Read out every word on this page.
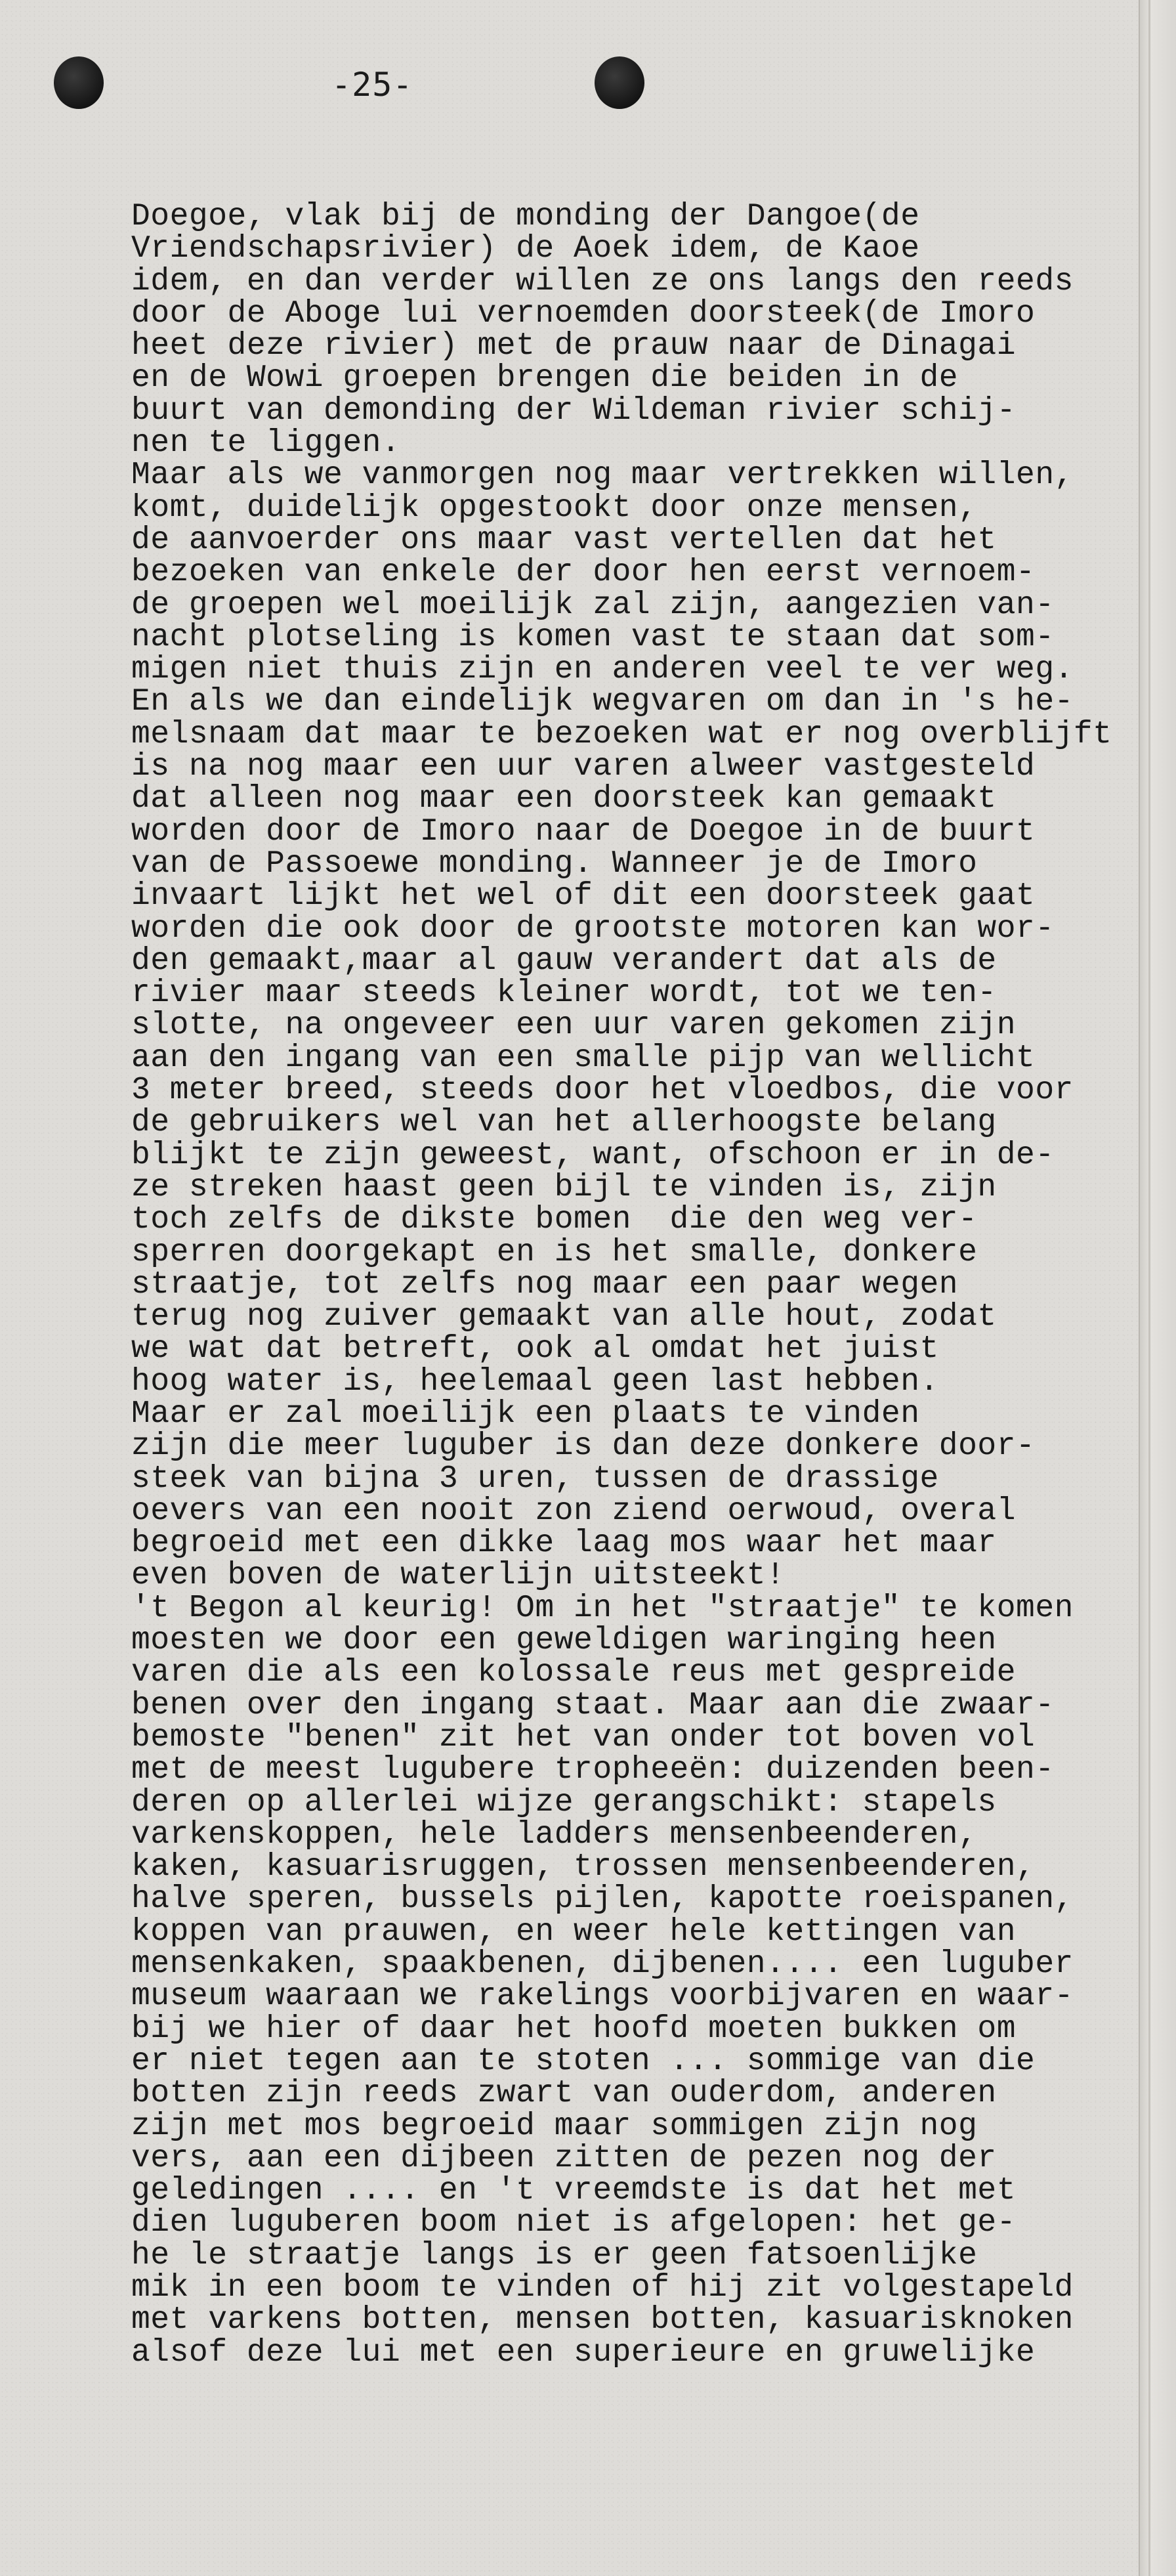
-25-
Doegoe, vlak bij de monding der Dangoe(de
Vriendschapsrivier) de Aoek idem, de Kaoe
idem, en dan verder willen ze ons langs den reeds
door de Aboge lui vernoemden doorsteek(de Imoro
heet deze rivier) met de prauw naar de Dinagai
en de Wowi groepen brengen die beiden in de
buurt van demonding der Wildeman rivier schij-
nen te liggen.
Maar als we vanmorgen nog maar vertrekken willen,
komt, duidelijk opgestookt door onze mensen,
de aanvoerder ons maar vast vertellen dat het
bezoeken van enkele der door hen eerst vernoem-
de groepen wel moeilijk zal zijn, aangezien van-
nacht plotseling is komen vast te staan dat som-
migen niet thuis zijn en anderen veel te ver weg.
En als we dan eindelijk wegvaren om dan in 's he-
melsnaam dat maar te bezoeken wat er nog overblijft
is na nog maar een uur varen alweer vastgesteld
dat alleen nog maar een doorsteek kan gemaakt
worden door de Imoro naar de Doegoe in de buurt
van de Passoewe monding. Wanneer je de Imoro
invaart lijkt het wel of dit een doorsteek gaat
worden die ook door de grootste motoren kan wor-
den gemaakt,maar al gauw verandert dat als de
rivier maar steeds kleiner wordt, tot we ten-
slotte, na ongeveer een uur varen gekomen zijn
aan den ingang van een smalle pijp van wellicht
3 meter breed, steeds door het vloedbos, die voor
de gebruikers wel van het allerhoogste belang
blijkt te zijn geweest, want, ofschoon er in de-
ze streken haast geen bijl te vinden is, zijn
toch zelfs de dikste bomen  die den weg ver-
sperren doorgekapt en is het smalle, donkere
straatje, tot zelfs nog maar een paar wegen
terug nog zuiver gemaakt van alle hout, zodat
we wat dat betreft, ook al omdat het juist
hoog water is, heelemaal geen last hebben.
Maar er zal moeilijk een plaats te vinden
zijn die meer luguber is dan deze donkere door-
steek van bijna 3 uren, tussen de drassige
oevers van een nooit zon ziend oerwoud, overal
begroeid met een dikke laag mos waar het maar
even boven de waterlijn uitsteekt!
't Begon al keurig! Om in het "straatje" te komen
moesten we door een geweldigen waringing heen
varen die als een kolossale reus met gespreide
benen over den ingang staat. Maar aan die zwaar-
bemoste "benen" zit het van onder tot boven vol
met de meest lugubere tropheeën: duizenden been-
deren op allerlei wijze gerangschikt: stapels
varkenskoppen, hele ladders mensenbeenderen,
kaken, kasuarisruggen, trossen mensenbeenderen,
halve speren, bussels pijlen, kapotte roeispanen,
koppen van prauwen, en weer hele kettingen van
mensenkaken, spaakbenen, dijbenen.... een luguber
museum waaraan we rakelings voorbijvaren en waar-
bij we hier of daar het hoofd moeten bukken om
er niet tegen aan te stoten ... sommige van die
botten zijn reeds zwart van ouderdom, anderen
zijn met mos begroeid maar sommigen zijn nog
vers, aan een dijbeen zitten de pezen nog der
geledingen .... en 't vreemdste is dat het met
dien luguberen boom niet is afgelopen: het ge-
he le straatje langs is er geen fatsoenlijke
mik in een boom te vinden of hij zit volgestapeld
met varkens botten, mensen botten, kasuarisknoken
alsof deze lui met een superieure en gruwelijke
